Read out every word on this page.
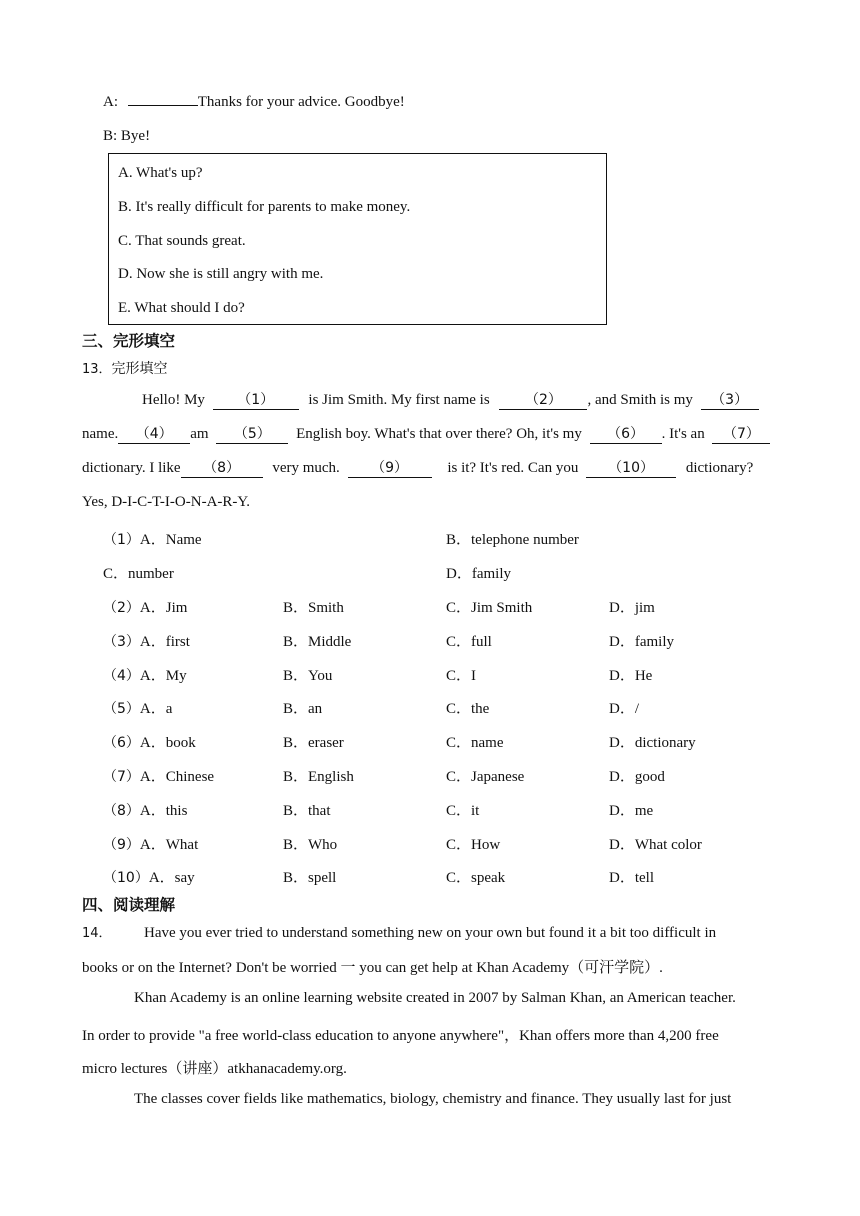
A:	Thanks for your advice. Goodbye!
B: Bye!
A. What's up?
B. It's really difficult for parents to make money.
C. That sounds great.
D. Now she is still angry with me.
E. What should I do?
三、完形填空
13．完形填空
Hello! My （1） is Jim Smith. My first name is	（2） , and Smith is my （3）
name. （4） am （5） English boy. What's that over there? Oh, it's my （6） . It's an （7）
dictionary. I like （8） very much. （9）	is it? It's red. Can you （10） dictionary?
Yes, D-I-C-T-I-O-N-A-R-Y.
（1）A．Name	B．telephone number
C．number	D．family
（2）A．Jim	B．Smith	C．Jim Smith	D．jim
（3）A．first	B．Middle	C．full	D．family
（4）A．My	B．You	C．I	D．He
（5）A．a	B．an	C．the	D．/
（6）A．book	B．eraser	C．name	D．dictionary
（7）A．Chinese	B．English	C．Japanese	D．good
（8）A．this	B．that	C．it	D．me
（9）A．What	B．Who	C．How	D．What color
（10）A．say	B．spell	C．speak	D．tell
四、阅读理解
14． Have you ever tried to understand something new on your own but found it a bit too difficult in
books or on the Internet? Don't be worried 一 you can get help at Khan Academy（可汗学院）.
Khan Academy is an online learning website created in 2007 by Salman Khan, an American teacher.
In order to provide "a free world-class education to anyone anywhere"，Khan offers more than 4,200 free
micro lectures（讲座）atkhanacademy.org.
The classes cover fields like mathematics, biology, chemistry and finance. They usually last for just
